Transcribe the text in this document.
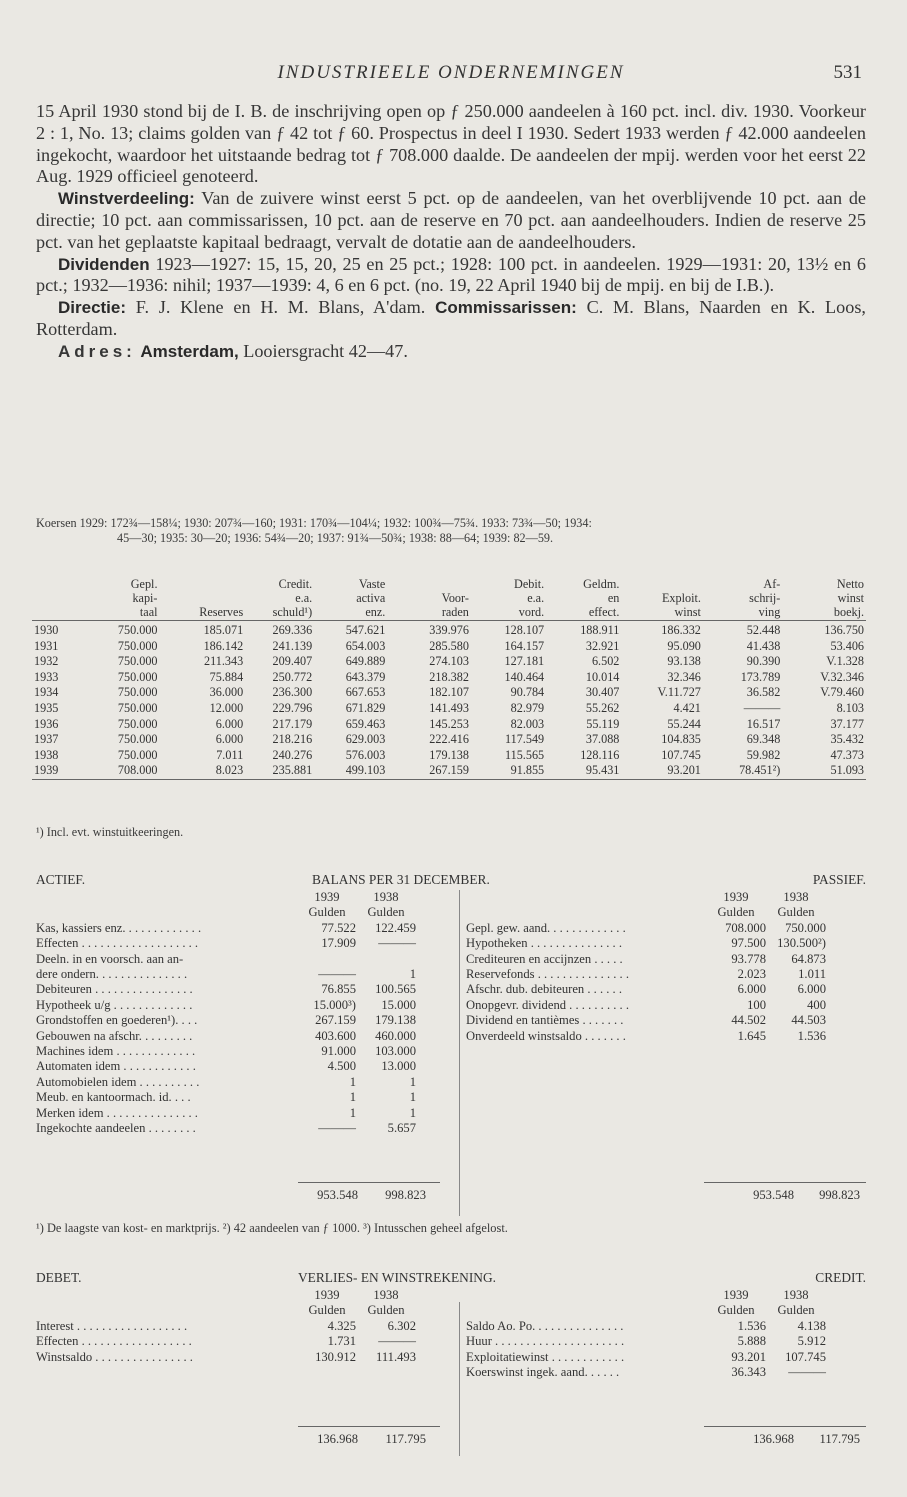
INDUSTRIEELE ONDERNEMINGEN	531

15 April 1930 stond bij de I. B. de inschrijving open op ƒ 250.000 aandeelen à 160 pct. incl. div. 1930. Voorkeur 2 : 1, No. 13; claims golden van ƒ 42 tot ƒ 60. Prospectus in deel I 1930. Sedert 1933 werden ƒ 42.000 aandeelen ingekocht, waardoor het uitstaande bedrag tot ƒ 708.000 daalde. De aandeelen der mpij. werden voor het eerst 22 Aug. 1929 officieel genoteerd.

Winstverdeeling: Van de zuivere winst eerst 5 pct. op de aandeelen, van het overblijvende 10 pct. aan de directie; 10 pct. aan commissarissen, 10 pct. aan de reserve en 70 pct. aan aandeelhouders. Indien de reserve 25 pct. van het geplaatste kapitaal bedraagt, vervalt de dotatie aan de aandeelhouders.

Dividenden 1923—1927: 15, 15, 20, 25 en 25 pct.; 1928: 100 pct. in aandeelen. 1929—1931: 20, 13½ en 6 pct.; 1932—1936: nihil; 1937—1939: 4, 6 en 6 pct. (no. 19, 22 April 1940 bij de mpij. en bij de I.B.).

Directie: F. J. Klene en H. M. Blans, A'dam. Commissarissen: C. M. Blans, Naarden en K. Loos, Rotterdam.

Adres: Amsterdam, Looiersgracht 42—47.

Koersen 1929: 172¾—158¼; 1930: 207¾—160; 1931: 170¾—104¼; 1932: 100¾—75¾. 1933: 73¾—50; 1934:
45—30; 1935: 30—20; 1936: 54¾—20; 1937: 91¾—50¾; 1938: 88—64; 1939: 82—59.
	Gepl.		Credit.	Vaste		Debit.	Geldm.		Af-	Netto
	kapi-		e.a.	activa	Voor-	e.a.	en	Exploit.	schrij-	winst
	taal	Reserves	schuld¹)	enz.	raden	vord.	effect.	winst	ving	boekj.
1930	750.000	185.071	269.336	547.621	339.976	128.107	188.911	186.332	52.448	136.750
1931	750.000	186.142	241.139	654.003	285.580	164.157	32.921	95.090	41.438	53.406
1932	750.000	211.343	209.407	649.889	274.103	127.181	6.502	93.138	90.390	V.1.328
1933	750.000	75.884	250.772	643.379	218.382	140.464	10.014	32.346	173.789	V.32.346
1934	750.000	36.000	236.300	667.653	182.107	90.784	30.407	V.11.727	36.582	V.79.460
1935	750.000	12.000	229.796	671.829	141.493	82.979	55.262	4.421	———	8.103
1936	750.000	6.000	217.179	659.463	145.253	82.003	55.119	55.244	16.517	37.177
1937	750.000	6.000	218.216	629.003	222.416	117.549	37.088	104.835	69.348	35.432
1938	750.000	7.011	240.276	576.003	179.138	115.565	128.116	107.745	59.982	47.373
1939	708.000	8.023	235.881	499.103	267.159	91.855	95.431	93.201	78.451²)	51.093
¹) Incl. evt. winstuitkeeringen.
ACTIEF.	BALANS PER 31 DECEMBER.	PASSIEF.
	1939	1938
	Gulden	Gulden
Kas, kassiers enz. . . . . . . . . . . . .	77.522	122.459
Effecten . . . . . . . . . . . . . . . . . . .	17.909	———
Deeln. in en voorsch. aan an-		
dere ondern. . . . . . . . . . . . . . .	———	1
Debiteuren . . . . . . . . . . . . . . . .	76.855	100.565
Hypotheek u/g . . . . . . . . . . . . .	15.000³)	15.000
Grondstoffen en goederen¹). . . .	267.159	179.138
Gebouwen na afschr. . . . . . . . .	403.600	460.000
Machines idem . . . . . . . . . . . . .	91.000	103.000
Automaten idem . . . . . . . . . . . .	4.500	13.000
Automobielen idem . . . . . . . . . .	1	1
Meub. en kantoormach. id. . . .	1	1
Merken idem . . . . . . . . . . . . . . .	1	1
Ingekochte aandeelen . . . . . . . .	———	5.657
	1939	1938
	Gulden	Gulden
Gepl. gew. aand. . . . . . . . . . . . .	708.000	750.000
Hypotheken . . . . . . . . . . . . . . .	97.500	130.500²)
Crediteuren en accijnzen . . . . .	93.778	64.873
Reservefonds . . . . . . . . . . . . . . .	2.023	1.011
Afschr. dub. debiteuren . . . . . .	6.000	6.000
Onopgevr. dividend . . . . . . . . . .	100	400
Dividend en tantièmes . . . . . . .	44.502	44.503
Onverdeeld winstsaldo . . . . . . .	1.645	1.536
953.548 998.823	953.548 998.823
¹) De laagste van kost- en marktprijs. ²) 42 aandeelen van ƒ 1000. ³) Intusschen geheel afgelost.
DEBET.	VERLIES- EN WINSTREKENING.	CREDIT.
	1939	1938
	Gulden	Gulden
Interest . . . . . . . . . . . . . . . . . .	4.325	6.302
Effecten . . . . . . . . . . . . . . . . . .	1.731	———
Winstsaldo . . . . . . . . . . . . . . . .	130.912	111.493
	1939	1938
	Gulden	Gulden
Saldo Ao. Po. . . . . . . . . . . . . . .	1.536	4.138
Huur . . . . . . . . . . . . . . . . . . . . .	5.888	5.912
Exploitatiewinst . . . . . . . . . . . .	93.201	107.745
Koerswinst ingek. aand. . . . . .	36.343	———
136.968 117.795	136.968 117.795
